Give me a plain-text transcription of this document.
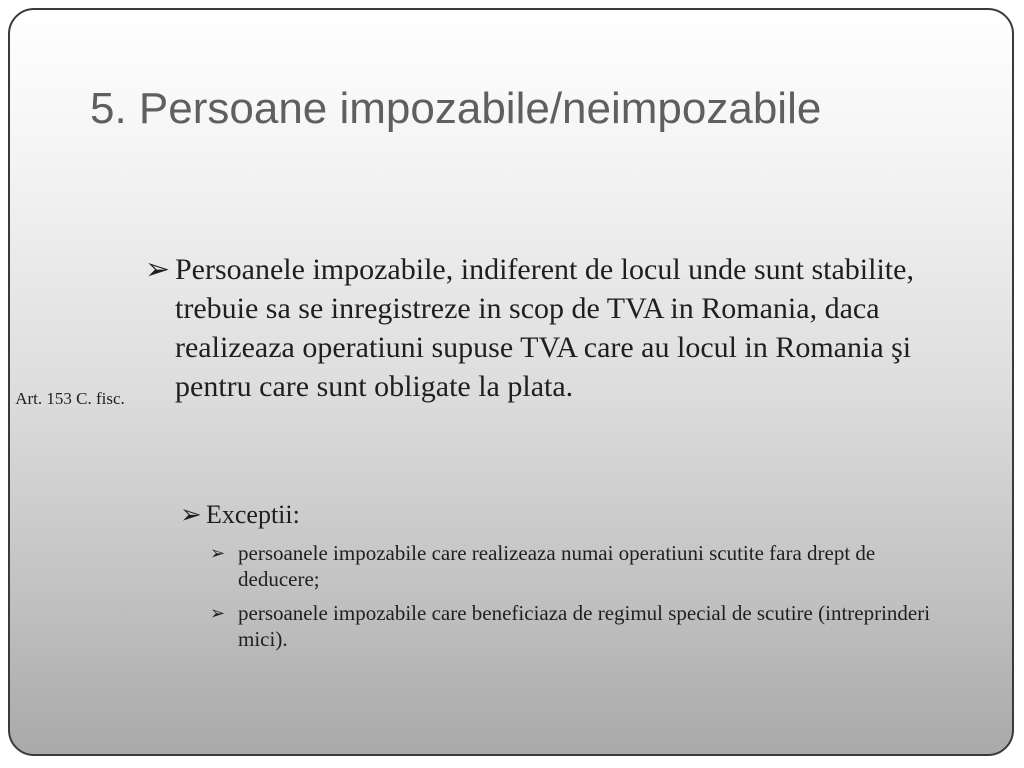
5. Persoane impozabile/neimpozabile
Art. 153 C. fisc.
➢ Persoanele impozabile, indiferent de locul unde sunt stabilite, trebuie sa se inregistreze in scop de TVA in Romania, daca realizeaza operatiuni supuse TVA care au locul in Romania şi pentru care sunt obligate la plata.
➢ Exceptii:
➢ persoanele impozabile care realizeaza numai operatiuni scutite fara drept de deducere;
➢ persoanele impozabile care beneficiaza de regimul special de scutire (intreprinderi mici).
